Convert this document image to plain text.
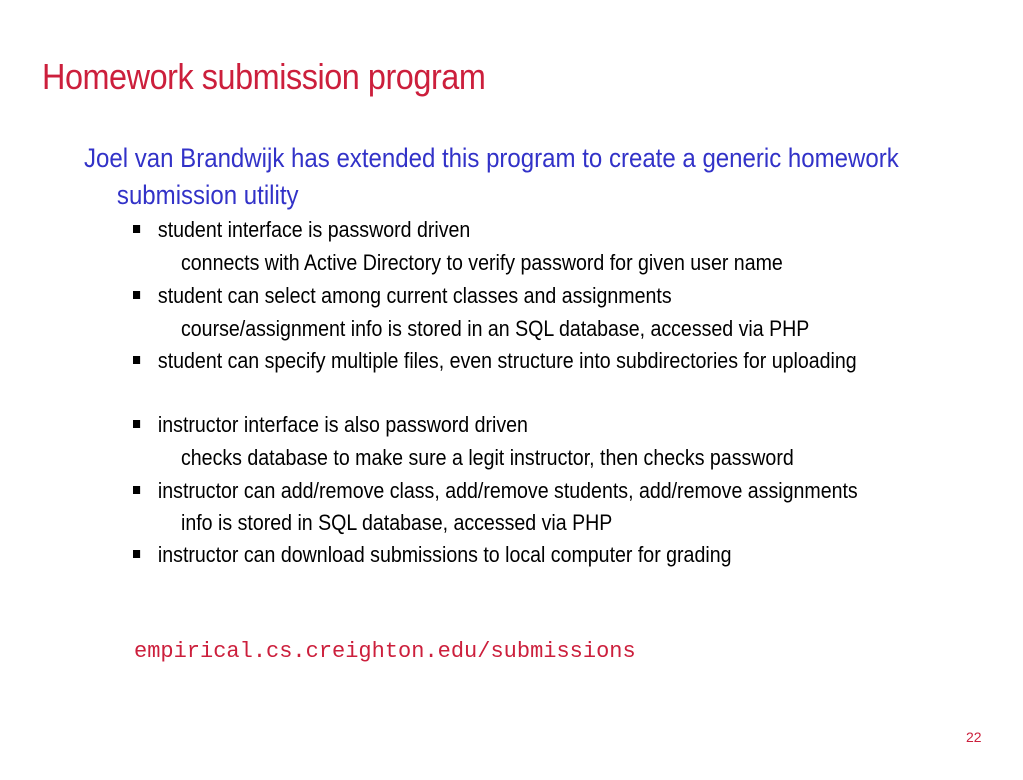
Homework submission program

Joel van Brandwijk has extended this program to create a generic homework
submission utility

student interface is password driven
connects with Active Directory to verify password for given user name
student can select among current classes and assignments
course/assignment info is stored in an SQL database, accessed via PHP
student can specify multiple files, even structure into subdirectories for uploading
instructor interface is also password driven
checks database to make sure a legit instructor, then checks password
instructor can add/remove class, add/remove students, add/remove assignments
info is stored in SQL database, accessed via PHP
instructor can download submissions to local computer for grading

empirical.cs.creighton.edu/submissions

22
